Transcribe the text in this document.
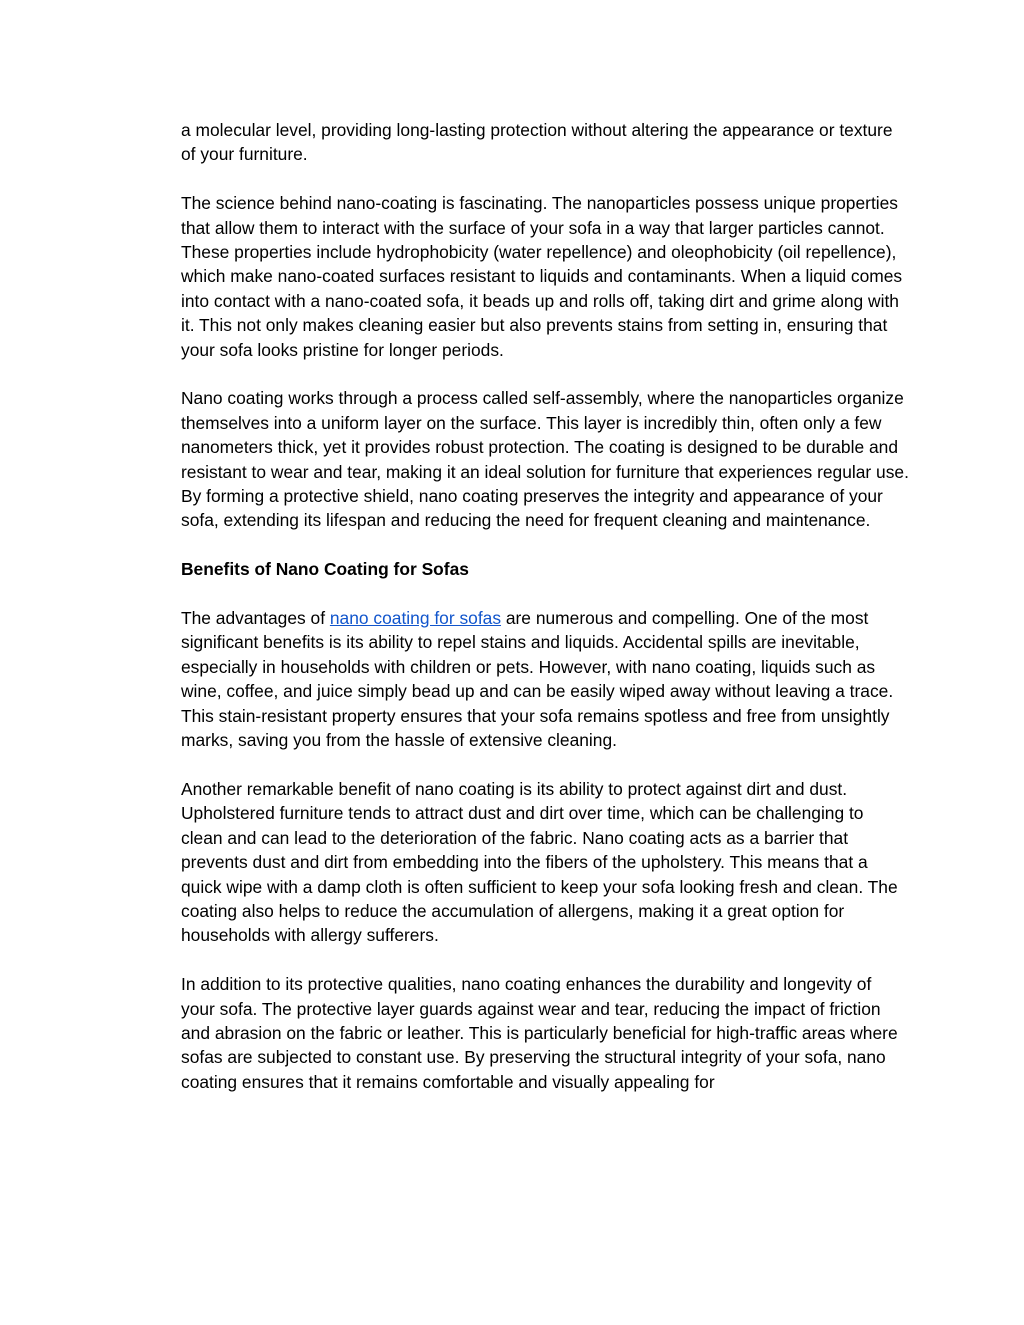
a molecular level, providing long-lasting protection without altering the appearance or texture of your furniture.

The science behind nano-coating is fascinating. The nanoparticles possess unique properties that allow them to interact with the surface of your sofa in a way that larger particles cannot. These properties include hydrophobicity (water repellence) and oleophobicity (oil repellence), which make nano-coated surfaces resistant to liquids and contaminants. When a liquid comes into contact with a nano-coated sofa, it beads up and rolls off, taking dirt and grime along with it. This not only makes cleaning easier but also prevents stains from setting in, ensuring that your sofa looks pristine for longer periods.

Nano coating works through a process called self-assembly, where the nanoparticles organize themselves into a uniform layer on the surface. This layer is incredibly thin, often only a few nanometers thick, yet it provides robust protection. The coating is designed to be durable and resistant to wear and tear, making it an ideal solution for furniture that experiences regular use. By forming a protective shield, nano coating preserves the integrity and appearance of your sofa, extending its lifespan and reducing the need for frequent cleaning and maintenance.

Benefits of Nano Coating for Sofas

The advantages of nano coating for sofas are numerous and compelling. One of the most significant benefits is its ability to repel stains and liquids. Accidental spills are inevitable, especially in households with children or pets. However, with nano coating, liquids such as wine, coffee, and juice simply bead up and can be easily wiped away without leaving a trace. This stain-resistant property ensures that your sofa remains spotless and free from unsightly marks, saving you from the hassle of extensive cleaning.

Another remarkable benefit of nano coating is its ability to protect against dirt and dust. Upholstered furniture tends to attract dust and dirt over time, which can be challenging to clean and can lead to the deterioration of the fabric. Nano coating acts as a barrier that prevents dust and dirt from embedding into the fibers of the upholstery. This means that a quick wipe with a damp cloth is often sufficient to keep your sofa looking fresh and clean. The coating also helps to reduce the accumulation of allergens, making it a great option for households with allergy sufferers.

In addition to its protective qualities, nano coating enhances the durability and longevity of your sofa. The protective layer guards against wear and tear, reducing the impact of friction and abrasion on the fabric or leather. This is particularly beneficial for high-traffic areas where sofas are subjected to constant use. By preserving the structural integrity of your sofa, nano coating ensures that it remains comfortable and visually appealing for
